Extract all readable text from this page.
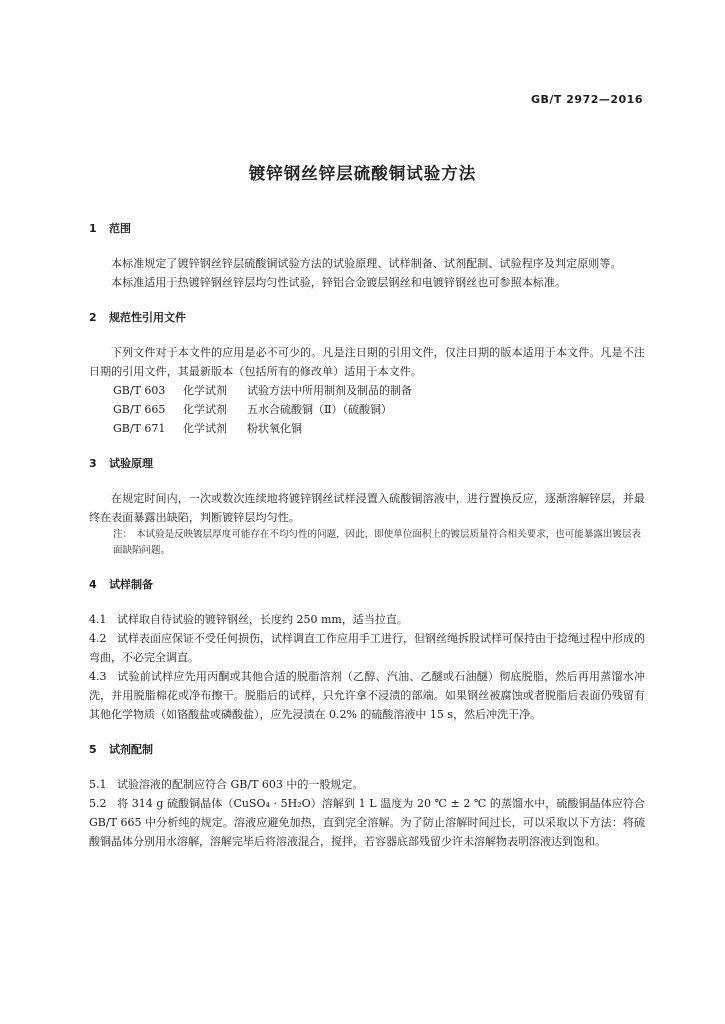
GB/T 2972—2016
镀锌钢丝锌层硫酸铜试验方法
1 范围
本标准规定了镀锌钢丝锌层硫酸铜试验方法的试验原理、试样制备、试剂配制、试验程序及判定原则等。
本标准适用于热镀锌钢丝锌层均匀性试验，锌铝合金镀层钢丝和电镀锌钢丝也可参照本标准。
2 规范性引用文件
下列文件对于本文件的应用是必不可少的。凡是注日期的引用文件，仅注日期的版本适用于本文件。凡是不注日期的引用文件，其最新版本（包括所有的修改单）适用于本文件。
GB/T 603 化学试剂 试验方法中所用制剂及制品的制备
GB/T 665 化学试剂 五水合硫酸铜（Ⅱ）（硫酸铜）
GB/T 671 化学试剂 粉状氧化铜
3 试验原理
在规定时间内，一次或数次连续地将镀锌钢丝试样浸置入硫酸铜溶液中，进行置换反应，逐渐溶解锌层，并最终在表面暴露出缺陷，判断镀锌层均匀性。
注： 本试验是反映镀层厚度可能存在不均匀性的问题，因此，即使单位面积上的镀层质量符合相关要求，也可能暴露出镀层表面缺陷问题。
4 试样制备
4.1 试样取自待试验的镀锌钢丝，长度约 250 mm，适当拉直。
4.2 试样表面应保证不受任何损伤，试样调直工作应用手工进行，但钢丝绳拆股试样可保持由于捻绳过程中形成的弯曲，不必完全调直。
4.3 试验前试样应先用丙酮或其他合适的脱脂溶剂（乙醇、汽油、乙醚或石油醚）彻底脱脂，然后再用蒸馏水冲洗，并用脱脂棉花或净布擦干。脱脂后的试样，只允许拿不浸渍的部端。如果钢丝被腐蚀或者脱脂后表面仍残留有其他化学物质（如铬酸盐或磷酸盐），应先浸渍在 0.2% 的硫酸溶液中 15 s，然后冲洗干净。
5 试剂配制
5.1 试验溶液的配制应符合 GB/T 603 中的一般规定。
5.2 将 314 g 硫酸铜晶体（CuSO₄ · 5H₂O）溶解到 1 L 温度为 20 ℃ ± 2 ℃ 的蒸馏水中，硫酸铜晶体应符合 GB/T 665 中分析纯的规定。溶液应避免加热，直到完全溶解。为了防止溶解时间过长，可以采取以下方法：将硫酸铜晶体分别用水溶解，溶解完毕后将溶液混合，搅拌，若容器底部残留少许未溶解物表明溶液达到饱和。
